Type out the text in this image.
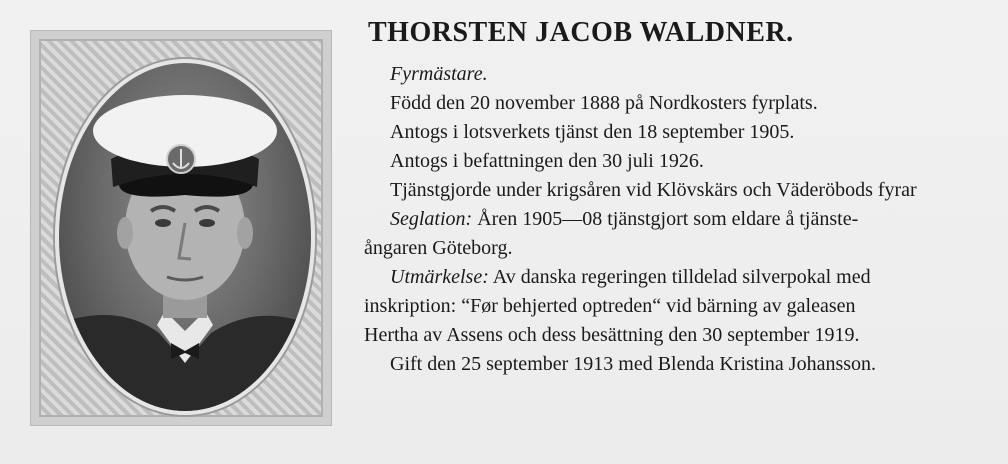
THORSTEN JACOB WALDNER.
Fyrmästare.
Född den 20 november 1888 på Nordkosters fyrplats.
Antogs i lotsverkets tjänst den 18 september 1905.
Antogs i befattningen den 30 juli 1926.
Tjänstgjorde under krigsåren vid Klövskärs och Väderöbods fyrar
Seglation: Åren 1905—08 tjänstgjort som eldare å tjänste-
ångaren Göteborg.
Utmärkelse: Av danska regeringen tilldelad silverpokal med
inskription: “Før behjerted optreden“ vid bärning av galeasen
Hertha av Assens och dess besättning den 30 september 1919.
Gift den 25 september 1913 med Blenda Kristina Johansson.
